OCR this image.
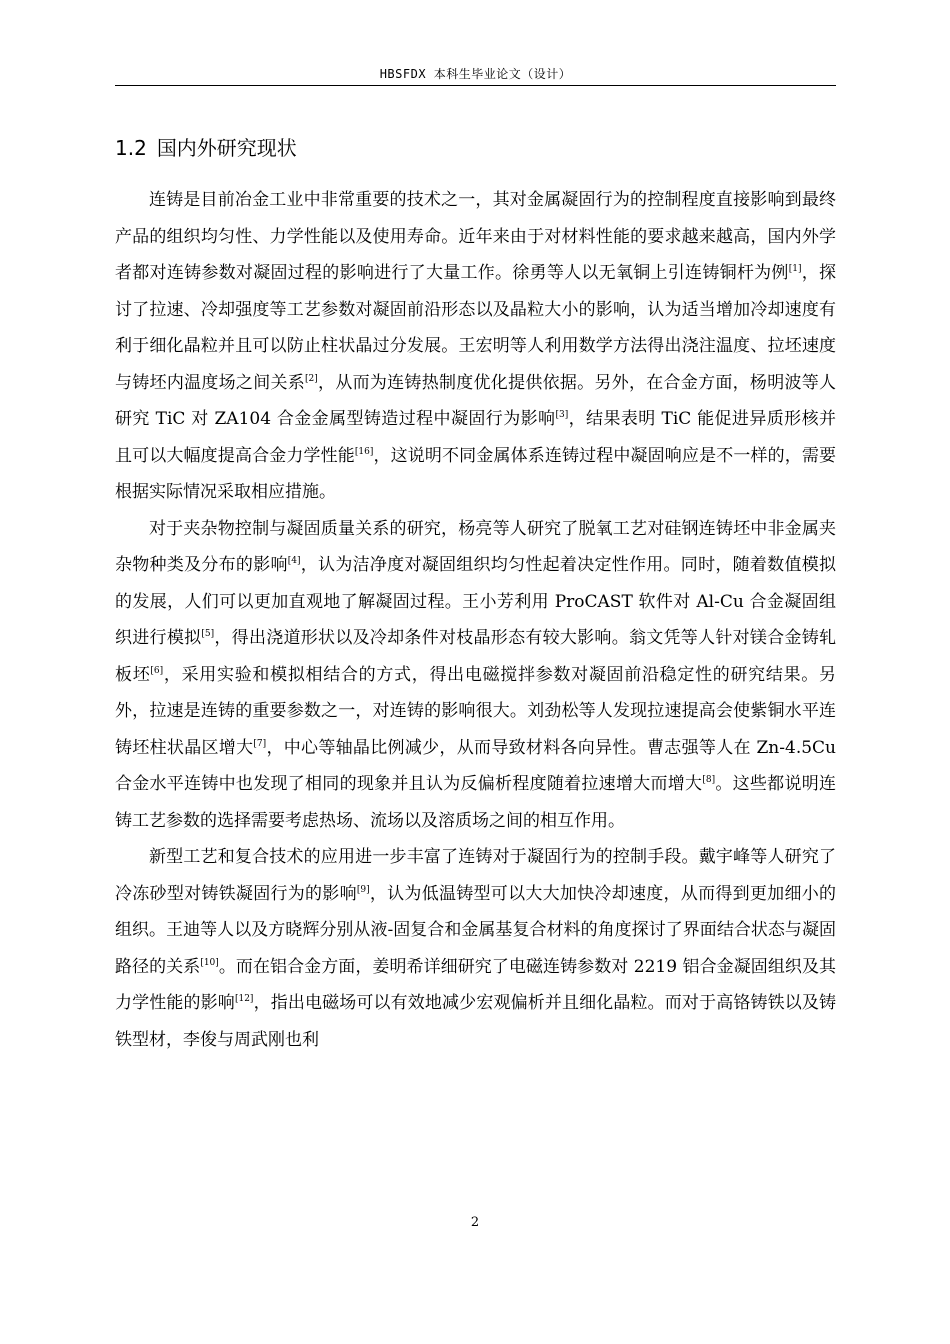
HBSFDX 本科生毕业论文（设计）
1.2 国内外研究现状

连铸是目前冶金工业中非常重要的技术之一，其对金属凝固行为的控制程度直接影响到最终产品的组织均匀性、力学性能以及使用寿命。近年来由于对材料性能的要求越来越高，国内外学者都对连铸参数对凝固过程的影响进行了大量工作。徐勇等人以无氧铜上引连铸铜杆为例[1]，探讨了拉速、冷却强度等工艺参数对凝固前沿形态以及晶粒大小的影响，认为适当增加冷却速度有利于细化晶粒并且可以防止柱状晶过分发展。王宏明等人利用数学方法得出浇注温度、拉坯速度与铸坯内温度场之间关系[2]，从而为连铸热制度优化提供依据。另外，在合金方面，杨明波等人研究 TiC 对 ZA104 合金金属型铸造过程中凝固行为影响[3]，结果表明 TiC 能促进异质形核并且可以大幅度提高合金力学性能[16]，这说明不同金属体系连铸过程中凝固响应是不一样的，需要根据实际情况采取相应措施。

对于夹杂物控制与凝固质量关系的研究，杨亮等人研究了脱氧工艺对硅钢连铸坯中非金属夹杂物种类及分布的影响[4]，认为洁净度对凝固组织均匀性起着决定性作用。同时，随着数值模拟的发展，人们可以更加直观地了解凝固过程。王小芳利用 ProCAST 软件对 Al-Cu 合金凝固组织进行模拟[5]，得出浇道形状以及冷却条件对枝晶形态有较大影响。翁文凭等人针对镁合金铸轧板坯[6]，采用实验和模拟相结合的方式，得出电磁搅拌参数对凝固前沿稳定性的研究结果。另外，拉速是连铸的重要参数之一，对连铸的影响很大。刘劲松等人发现拉速提高会使紫铜水平连铸坯柱状晶区增大[7]，中心等轴晶比例减少，从而导致材料各向异性。曹志强等人在 Zn-4.5Cu 合金水平连铸中也发现了相同的现象并且认为反偏析程度随着拉速增大而增大[8]。这些都说明连铸工艺参数的选择需要考虑热场、流场以及溶质场之间的相互作用。

新型工艺和复合技术的应用进一步丰富了连铸对于凝固行为的控制手段。戴宇峰等人研究了冷冻砂型对铸铁凝固行为的影响[9]，认为低温铸型可以大大加快冷却速度，从而得到更加细小的组织。王迪等人以及方晓辉分别从液-固复合和金属基复合材料的角度探讨了界面结合状态与凝固路径的关系[10]。而在铝合金方面，姜明希详细研究了电磁连铸参数对 2219 铝合金凝固组织及其力学性能的影响[12]，指出电磁场可以有效地减少宏观偏析并且细化晶粒。而对于高铬铸铁以及铸铁型材，李俊与周武刚也利

2
